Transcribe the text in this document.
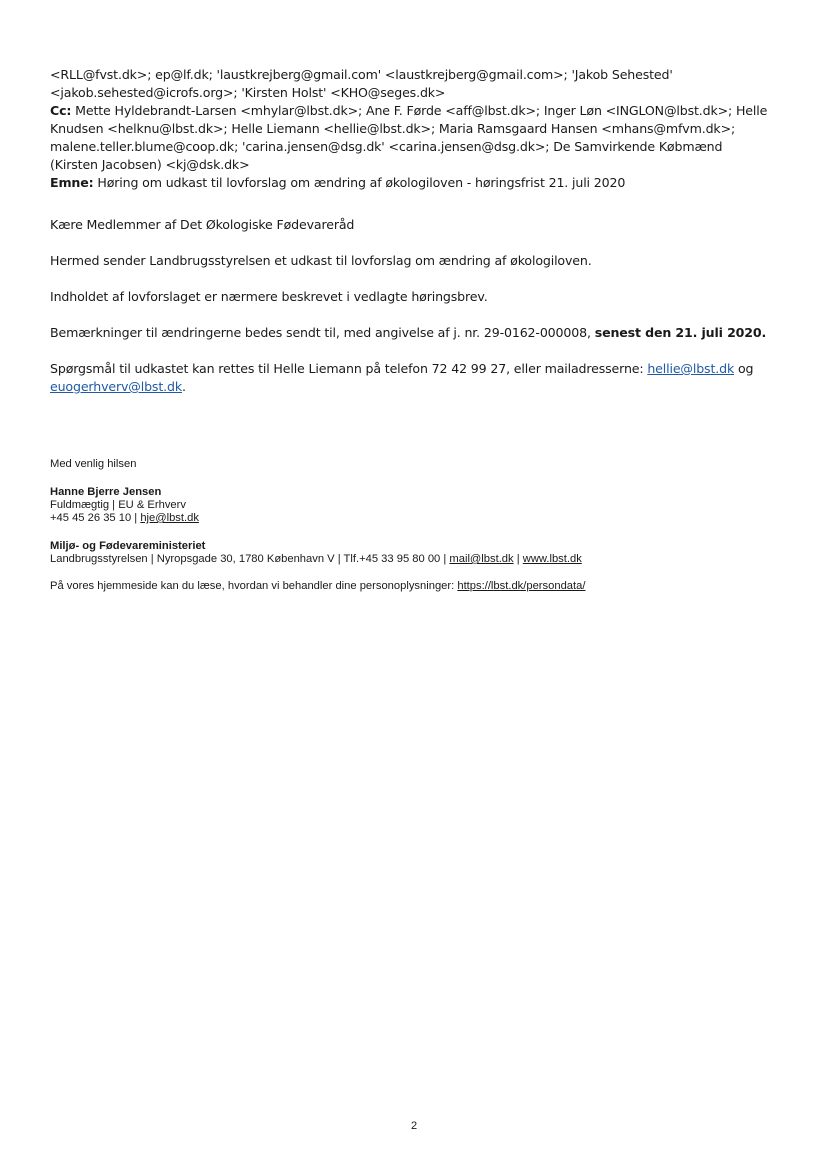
<RLL@fvst.dk>; ep@lf.dk; 'laustkrejberg@gmail.com' <laustkrejberg@gmail.com>; 'Jakob Sehested' <jakob.sehested@icrofs.org>; 'Kirsten Holst' <KHO@seges.dk>

Cc: Mette Hyldebrandt-Larsen <mhylar@lbst.dk>; Ane F. Førde <aff@lbst.dk>; Inger Løn <INGLON@lbst.dk>; Helle Knudsen <helknu@lbst.dk>; Helle Liemann <hellie@lbst.dk>; Maria Ramsgaard Hansen <mhans@mfvm.dk>; malene.teller.blume@coop.dk; 'carina.jensen@dsg.dk' <carina.jensen@dsg.dk>; De Samvirkende Købmænd (Kirsten Jacobsen) <kj@dsk.dk>

Emne: Høring om udkast til lovforslag om ændring af økologiloven - høringsfrist 21. juli 2020

Kære Medlemmer af Det Økologiske Fødevareråd

Hermed sender Landbrugsstyrelsen et udkast til lovforslag om ændring af økologiloven.

Indholdet af lovforslaget er nærmere beskrevet i vedlagte høringsbrev.

Bemærkninger til ændringerne bedes sendt til, med angivelse af j. nr. 29-0162-000008, senest den 21. juli 2020.

Spørgsmål til udkastet kan rettes til Helle Liemann på telefon 72 42 99 27, eller mailadresserne: hellie@lbst.dk og euogerhverv@lbst.dk.

Med venlig hilsen

Hanne Bjerre Jensen

Fuldmægtig | EU & Erhverv

+45 45 26 35 10 | hje@lbst.dk

Miljø- og Fødevareministeriet

Landbrugsstyrelsen | Nyropsgade 30, 1780 København V | Tlf.+45 33 95 80 00 | mail@lbst.dk | www.lbst.dk

På vores hjemmeside kan du læse, hvordan vi behandler dine personoplysninger: https://lbst.dk/persondata/

2
